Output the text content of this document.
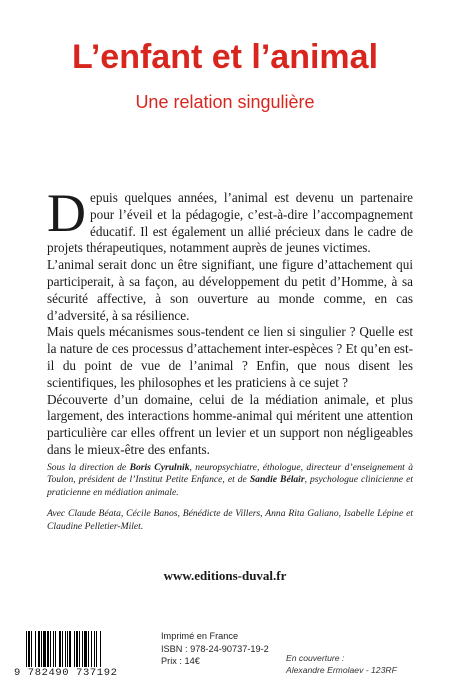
L’enfant et l’animal
Une relation singulière

Depuis quelques années, l’animal est devenu un partenaire pour l’éveil et la pédagogie, c’est-à-dire l’accompagnement éducatif. Il est également un allié précieux dans le cadre de projets thérapeutiques, notamment auprès de jeunes victimes.

L’animal serait donc un être signifiant, une figure d’attachement qui participerait, à sa façon, au développement du petit d’Homme, à sa sécurité affective, à son ouverture au monde comme, en cas d’adversité, à sa résilience.

Mais quels mécanismes sous-tendent ce lien si singulier ? Quelle est la nature de ces processus d’attachement inter-espèces ? Et qu’en est-il du point de vue de l’animal ? Enfin, que nous disent les scientifiques, les philosophes et les praticiens à ce sujet ?

Découverte d’un domaine, celui de la médiation animale, et plus largement, des interactions homme-animal qui méritent une attention particulière car elles offrent un levier et un support non négligeables dans le mieux-être des enfants.

Sous la direction de Boris Cyrulnik, neuropsychiatre, éthologue, directeur d’enseignement à Toulon, président de l’Institut Petite Enfance, et de Sandie Bélair, psychologue clinicienne et praticienne en médiation animale.

Avec Claude Béata, Cécile Banos, Bénédicte de Villers, Anna Rita Galiano, Isabelle Lépine et Claudine Pelletier-Milet.

www.editions-duval.fr
9 782490 737192
Imprimé en France
ISBN : 978-24-90737-19-2
Prix : 14€	En couverture :
Alexandre Ermolaev - 123RF
